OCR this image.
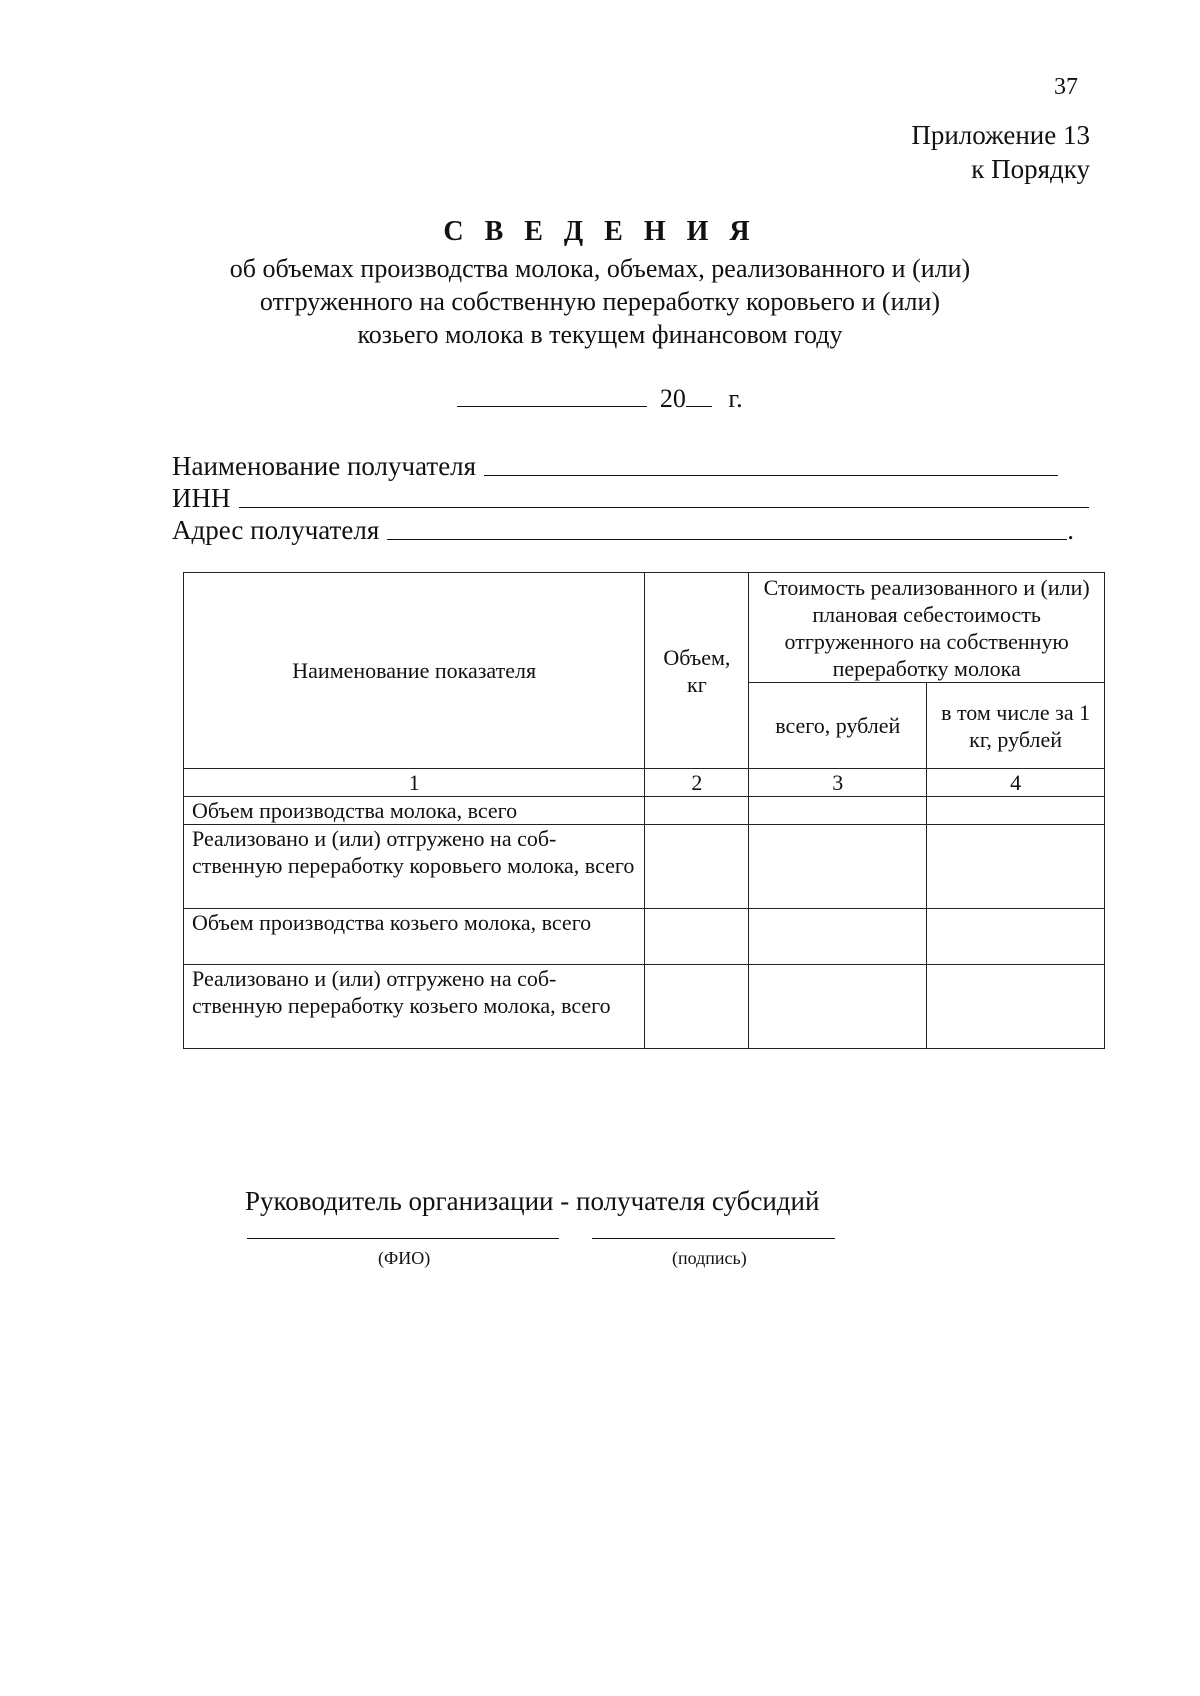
37
Приложение 13
к Порядку
С В Е Д Е Н И Я
об объемах производства молока, объемах, реализованного и (или)
отгруженного на собственную переработку коровьего и (или)
козьего молока в текущем финансовом году
20 г.
Наименование получателя
ИНН
Адрес получателя	.
Наименование показателя	Объем, кг	Стоимость реализованного и (или) плановая себестоимость отгруженного на собственную переработку молока	
		всего, рублей	в том числе за 1 кг, рублей
1	2	3	4
Объем производства молока, всего			
Реализовано и (или) отгружено на соб-ственную переработку коровьего молока, всего			
Объем производства козьего молока, всего			
Реализовано и (или) отгружено на соб-ственную переработку козьего молока, всего			
Руководитель организации - получателя субсидий
(ФИО)	(подпись)
